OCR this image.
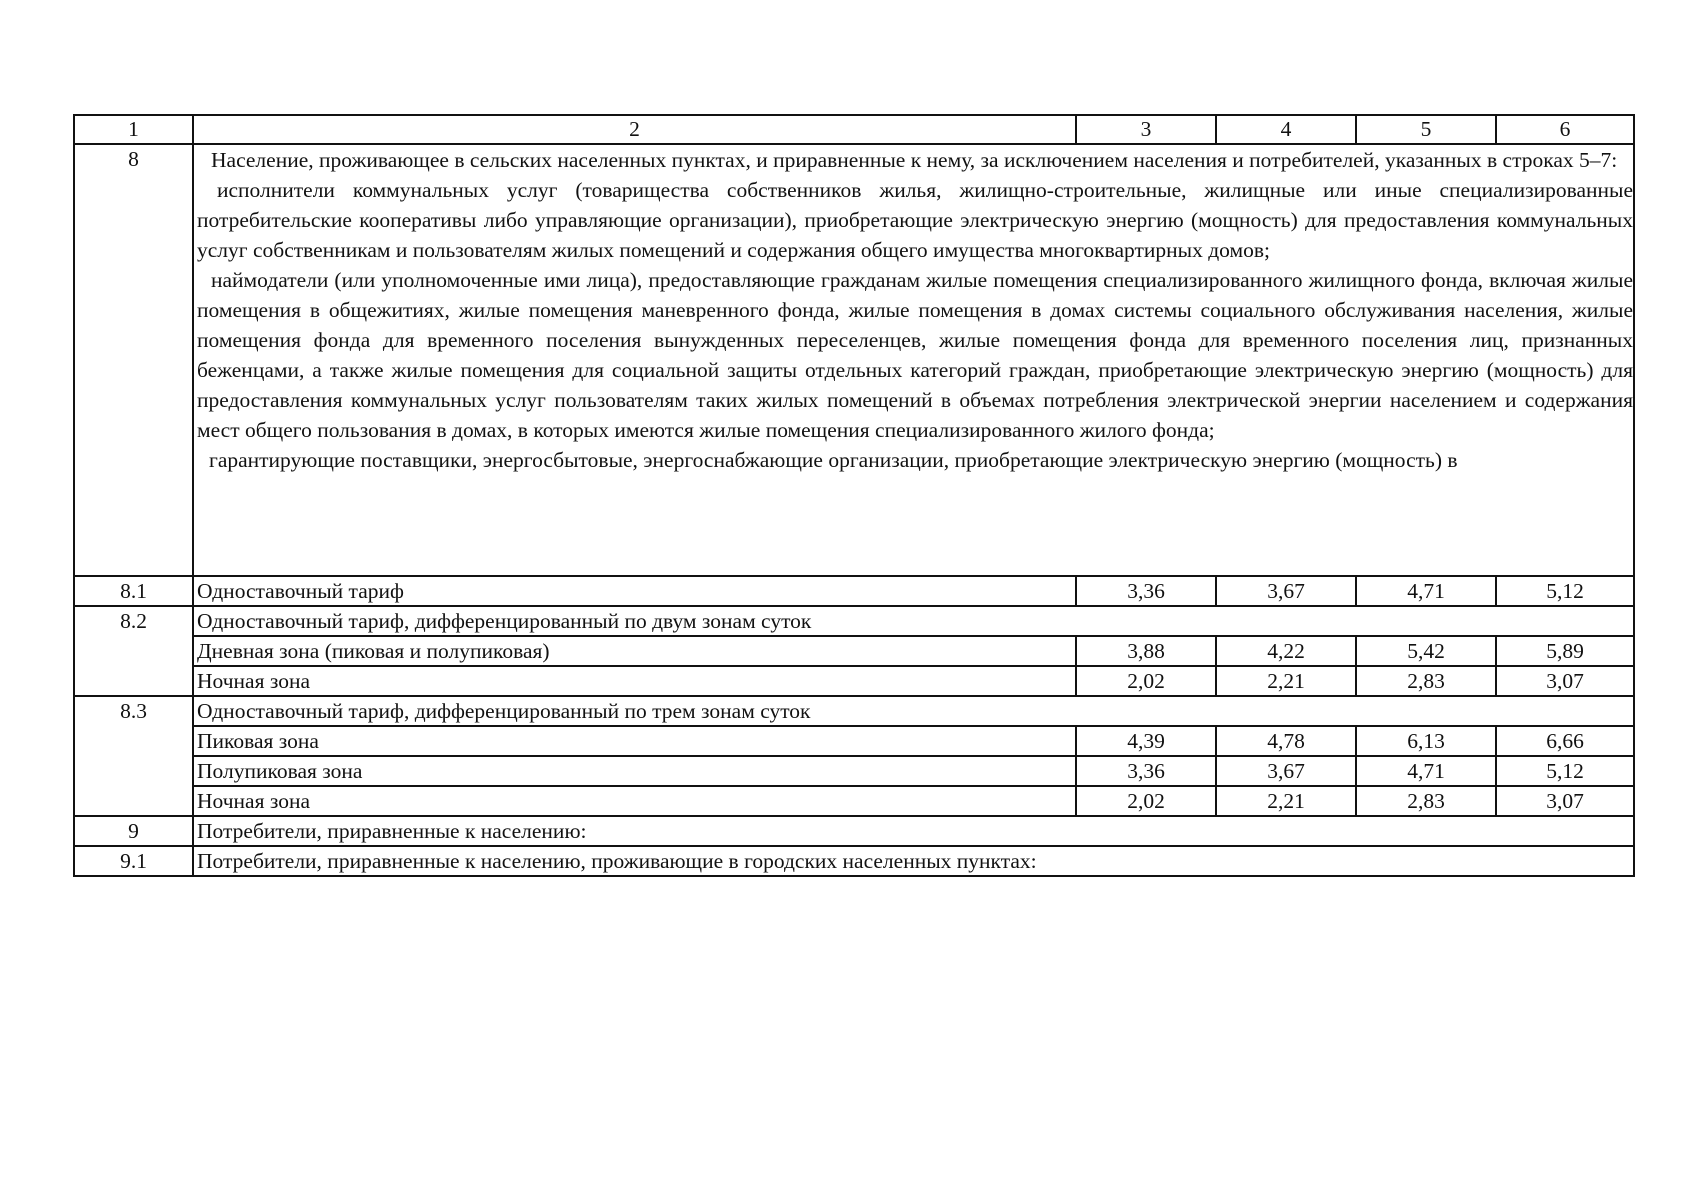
1	2	3	4	5	6
8	Население, проживающее в сельских населенных пунктах, и приравненные к нему, за исключением населения и потребителей, указанных в строках 5–7:

исполнители коммунальных услуг (товарищества собственников жилья, жилищно-строительные, жилищные или иные специализированные потребительские кооперативы либо управляющие организации), приобретающие электрическую энергию (мощность) для предоставления коммунальных услуг собственникам и пользователям жилых помещений и содержания общего имущества многоквартирных домов;

наймодатели (или уполномоченные ими лица), предоставляющие гражданам жилые помещения специализированного жилищного фонда, включая жилые помещения в общежитиях, жилые помещения маневренного фонда, жилые помещения в домах системы социального обслуживания населения, жилые помещения фонда для временного поселения вынужденных переселенцев, жилые помещения фонда для временного поселения лиц, признанных беженцами, а также жилые помещения для социальной защиты отдельных категорий граждан, приобретающие электрическую энергию (мощность) для предоставления коммунальных услуг пользователям таких жилых помещений в объемах потребления электрической энергии населением и содержания мест общего пользования в домах, в которых имеются жилые помещения специализированного жилого фонда;

гарантирующие поставщики, энергосбытовые, энергоснабжающие организации, приобретающие электрическую энергию (мощность) в				

8.1	Одноставочный тариф	3,36	3,67	4,71	5,12
8.2	Одноставочный тариф, дифференцированный по двум зонам суток				
	Дневная зона (пиковая и полупиковая)	3,88	4,22	5,42	5,89
	Ночная зона	2,02	2,21	2,83	3,07
8.3	Одноставочный тариф, дифференцированный по трем зонам суток				
	Пиковая зона	4,39	4,78	6,13	6,66
	Полупиковая зона	3,36	3,67	4,71	5,12
	Ночная зона	2,02	2,21	2,83	3,07
9	Потребители, приравненные к населению:				
9.1	Потребители, приравненные к населению, проживающие в городских населенных пунктах:				
